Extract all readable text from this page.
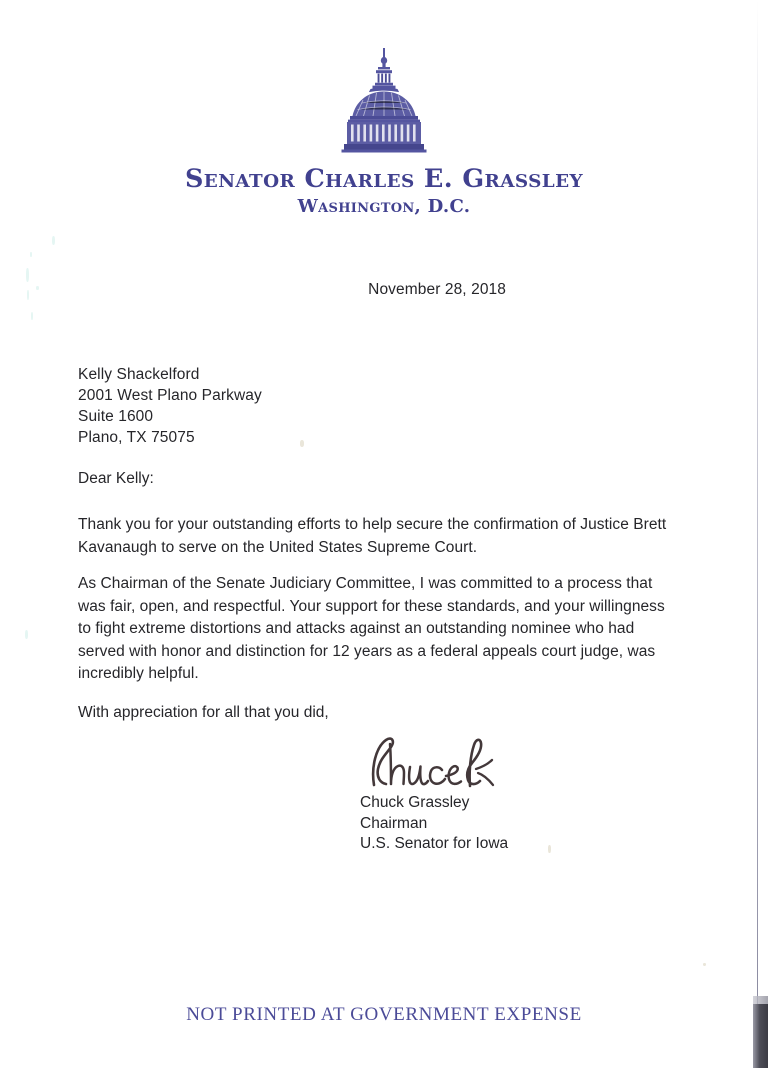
Senator Charles E. Grassley
Washington, D.C.
November 28, 2018
Kelly Shackelford
2001 West Plano Parkway
Suite 1600
Plano, TX 75075
Dear Kelly:
Thank you for your outstanding efforts to help secure the confirmation of Justice Brett Kavanaugh to serve on the United States Supreme Court.
As Chairman of the Senate Judiciary Committee, I was committed to a process that was fair, open, and respectful. Your support for these standards, and your willingness to fight extreme distortions and attacks against an outstanding nominee who had served with honor and distinction for 12 years as a federal appeals court judge, was incredibly helpful.
With appreciation for all that you did,
Chuck Grassley
Chairman
U.S. Senator for Iowa
NOT PRINTED AT GOVERNMENT EXPENSE
